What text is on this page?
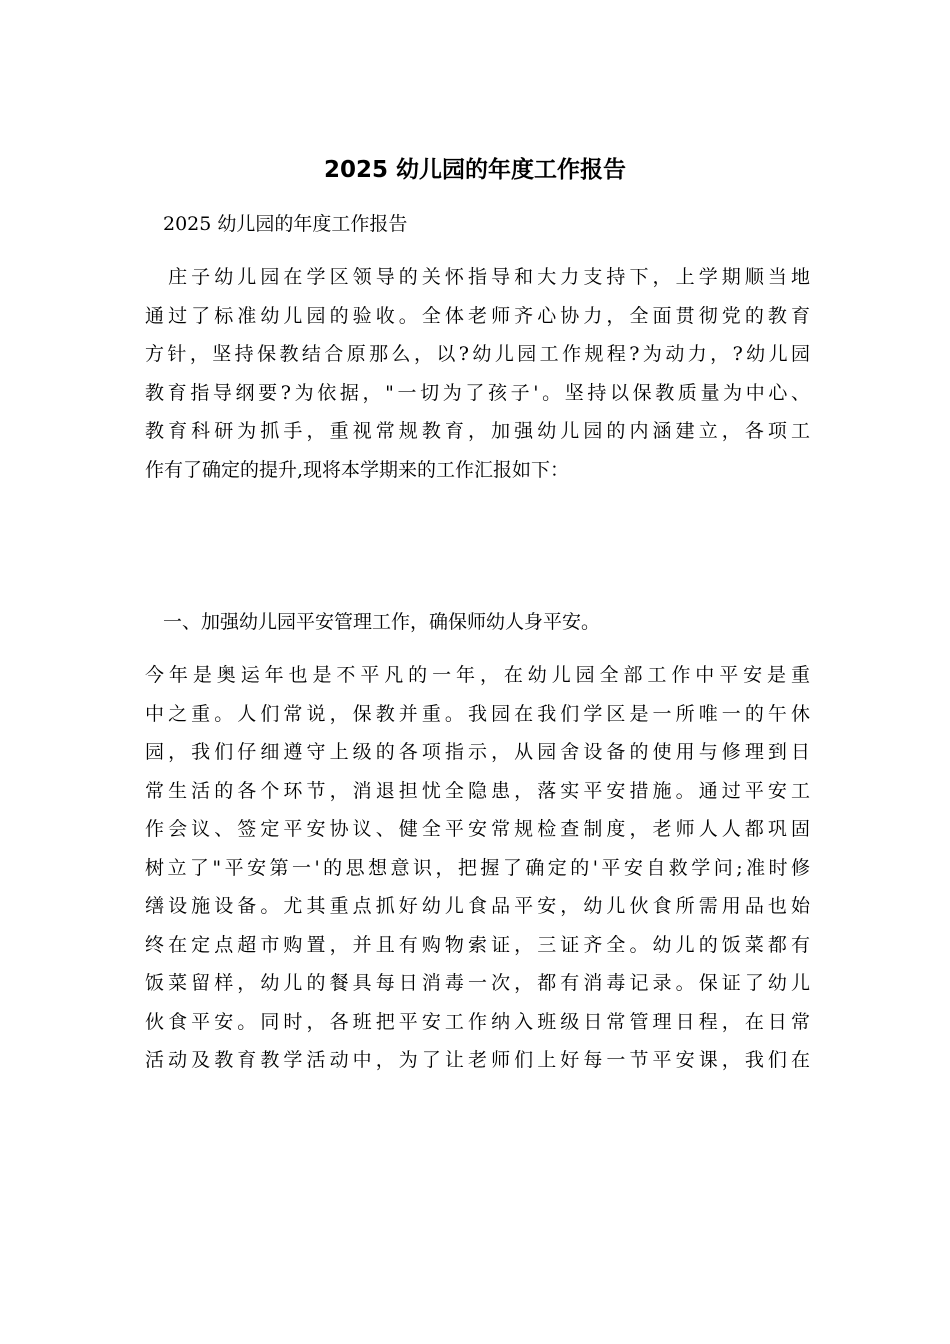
2025 幼儿园的年度工作报告

2025 幼儿园的年度工作报告

　庄子幼儿园在学区领导的关怀指导和大力支持下，上学期顺当地
通过了标准幼儿园的验收。全体老师齐心协力，全面贯彻党的教育
方针，坚持保教结合原那么，以?幼儿园工作规程?为动力，?幼儿园
教育指导纲要?为依据，"一切为了孩子'。坚持以保教质量为中心、
教育科研为抓手，重视常规教育，加强幼儿园的内涵建立，各项工
作有了确定的提升,现将本学期来的工作汇报如下：

一、加强幼儿园平安管理工作，确保师幼人身平安。

今年是奥运年也是不平凡的一年，在幼儿园全部工作中平安是重
中之重。人们常说，保教并重。我园在我们学区是一所唯一的午休
园，我们仔细遵守上级的各项指示，从园舍设备的使用与修理到日
常生活的各个环节，消退担忧全隐患，落实平安措施。通过平安工
作会议、签定平安协议、健全平安常规检查制度，老师人人都巩固
树立了"平安第一'的思想意识，把握了确定的'平安自救学问;准时修
缮设施设备。尤其重点抓好幼儿食品平安，幼儿伙食所需用品也始
终在定点超市购置，并且有购物索证，三证齐全。幼儿的饭菜都有
饭菜留样，幼儿的餐具每日消毒一次，都有消毒记录。保证了幼儿
伙食平安。同时，各班把平安工作纳入班级日常管理日程，在日常
活动及教育教学活动中，为了让老师们上好每一节平安课，我们在
